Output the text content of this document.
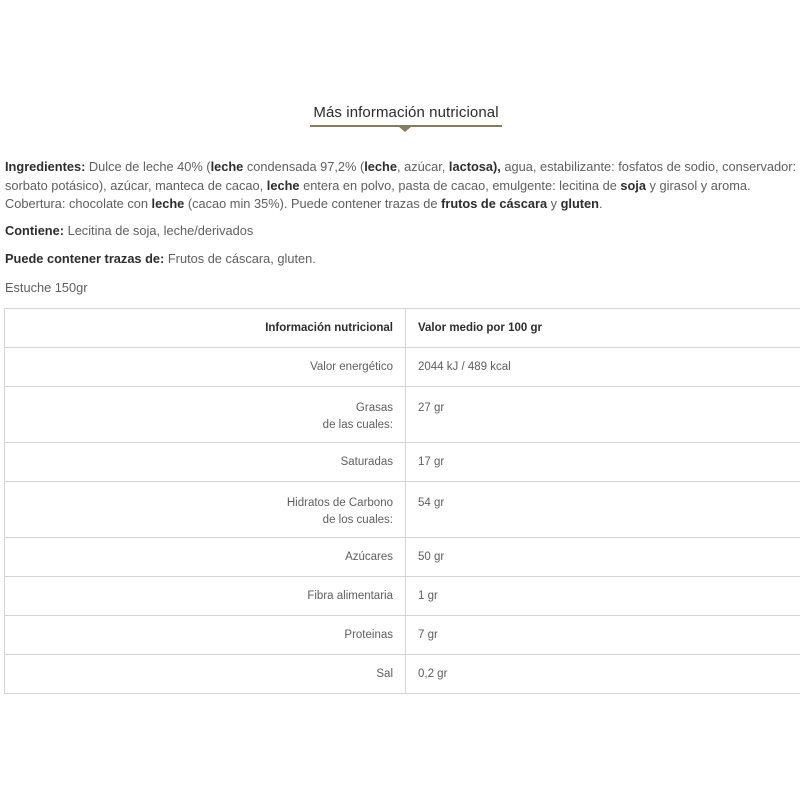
Más información nutricional
Ingredientes: Dulce de leche 40% (leche condensada 97,2% (leche, azúcar, lactosa), agua, estabilizante: fosfatos de sodio, conservador: sorbato potásico), azúcar, manteca de cacao, leche entera en polvo, pasta de cacao, emulgente: lecitina de soja y girasol y aroma. Cobertura: chocolate con leche (cacao min 35%). Puede contener trazas de frutos de cáscara y gluten.
Contiene: Lecitina de soja, leche/derivados
Puede contener trazas de: Frutos de cáscara, gluten.
Estuche 150gr
Información nutricional	Valor medio por 100 gr

Valor energético	2044 kJ / 489 kcal

Grasas
de las cuales:	27 gr

Saturadas	17 gr

Hidratos de Carbono
de los cuales:	54 gr

Azúcares	50 gr

Fibra alimentaria	1 gr

Proteinas	7 gr

Sal	0,2 gr
